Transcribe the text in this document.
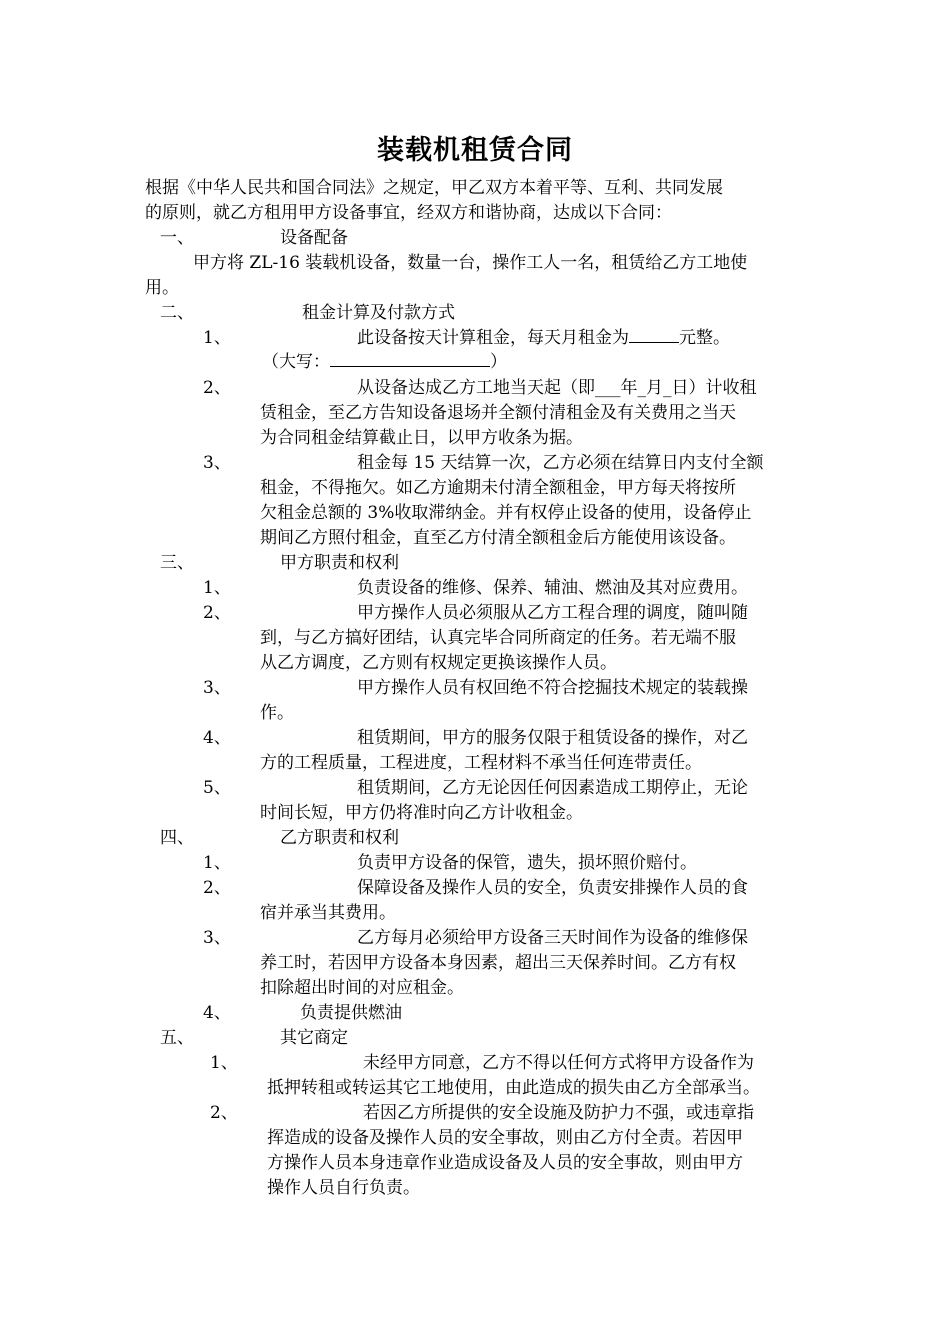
装载机租赁合同
根据《中华人民共和国合同法》之规定，甲乙双方本着平等、互利、共同发展
的原则，就乙方租用甲方设备事宜，经双方和谐协商，达成以下合同：
一、	设备配备
甲方将 ZL-16 装载机设备，数量一台，操作工人一名，租赁给乙方工地使
用。
二、	租金计算及付款方式
1、	此设备按天计算租金，每天月租金为	元整。
（大写：	）
2、	从设备达成乙方工地当天起（即___年_月_日）计收租
赁租金，至乙方告知设备退场并全额付清租金及有关费用之当天
为合同租金结算截止日，以甲方收条为据。
3、	租金每 15 天结算一次，乙方必须在结算日内支付全额
租金，不得拖欠。如乙方逾期未付清全额租金，甲方每天将按所
欠租金总额的 3%收取滞纳金。并有权停止设备的使用，设备停止
期间乙方照付租金，直至乙方付清全额租金后方能使用该设备。
三、	甲方职责和权利
1、	负责设备的维修、保养、辅油、燃油及其对应费用。
2、	甲方操作人员必须服从乙方工程合理的调度，随叫随
到，与乙方搞好团结，认真完毕合同所商定的任务。若无端不服
从乙方调度，乙方则有权规定更换该操作人员。
3、	甲方操作人员有权回绝不符合挖掘技术规定的装载操
作。
4、	租赁期间，甲方的服务仅限于租赁设备的操作，对乙
方的工程质量，工程进度，工程材料不承当任何连带责任。
5、	租赁期间，乙方无论因任何因素造成工期停止，无论
时间长短，甲方仍将准时向乙方计收租金。
四、	乙方职责和权利
1、	负责甲方设备的保管，遗失，损坏照价赔付。
2、	保障设备及操作人员的安全，负责安排操作人员的食
宿并承当其费用。
3、	乙方每月必须给甲方设备三天时间作为设备的维修保
养工时，若因甲方设备本身因素，超出三天保养时间。乙方有权
扣除超出时间的对应租金。
4、	负责提供燃油
五、	其它商定
1、	未经甲方同意，乙方不得以任何方式将甲方设备作为
抵押转租或转运其它工地使用，由此造成的损失由乙方全部承当。
2、	若因乙方所提供的安全设施及防护力不强，或违章指
挥造成的设备及操作人员的安全事故，则由乙方付全责。若因甲
方操作人员本身违章作业造成设备及人员的安全事故，则由甲方
操作人员自行负责。
